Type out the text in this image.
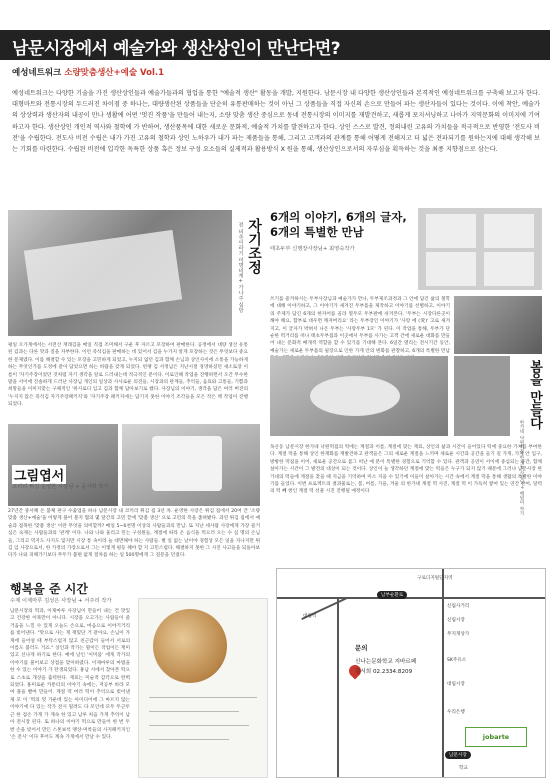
남문시장에서 예술가와 생산상인이 만난다면?
예성네트워크 소량맞춤생산+예술 Vol.1
예성네트워크는 다양한 기술을 가진 생산상인들과 예술가들과의 협업을 통한 "예술적 생산" 활동을 개발, 지원한다. 남문시장 내 다양한 생산상인들과 본격적인 예성네트워크를 구축해 보고자 한다. 대형마트와 전통시장의 두드러진 차이점 중 하나는, 대량생산된 상품들을 단순히 유통판매하는 것이 아닌 그 상품들을 직접 자신의 손으로 만들어 파는 생산자들이 있다는 것이다. 이에 착안, 예술가의 상상력과 생산자의 내공이 만나 생활에 어떤 '멋진 작품'을 만들어 내는지, 소량 맞춤 생산 중심으로 동네 전통시장의 이미지를 재발견하고, 새롭게 포지셔닝하고 나아가 지역문화의 이미지에 기여하고자 한다. 생산상인 개인적 역사와 철학에 가 반하여, 생산품목에 대한 새로운 문화적, 예술적 가치를 발견하고자 한다. 상인 스스로 발견, 정의내린 고유의 가치들을 적극적으로 반영한 '전도사 비전'을 수립한다. 전도사 비전 수립은 내가 가진 고유의 철학과 상인 노하우가 내가 파는 제품들을 통해, 그리고 고객과의 관계를 통해 어떻게 전해지고 더 넓은 전파되기를 원하는지에 대해 생각해 보는 기회를 마련한다. 수립된 비전에 입각한 독특한 상품 혹은 정보 구성 요소들의 실제적과 활용방식 X 원을 통해, 생산상인으로서의 자부심을 획득하는 것을 최종 지향점으로 삼는다.
자기조정
전 비추이라기 미명비게+ 가나주 심방
평일 오가게에서는 서전산 재래김을 매일 직접 조미해서 구운 후 자르고 포장하여 판매한다. 공정에서 대량 생산 유통된 김과는 다른 맛과 질을 자부한다. 이런 즉석김을 판매하는 데 있어서 김을 누가지 알게 포장하는 것은 무엇보다 중요한 문제였다. 이를 해결할 수 있는 포장을 고민하게 되었고, 누지되 없던 김과 함께 손님과 상인사이에 소통을 가능하게하는 무엇인가를 도정에 같이 담았으면 하는 바람을 갖게 되었다. 빈랭 김 서정남은 지난시절 경영하셨던 새소토장 이름이 '자기주장이었던 것처럼 자기 생각을 알로 드러내는데 적극적인 분이다. 이로인해 작업을 진행하면서 오간 무수한 말을 서이에 진솔하게 드러난 사장님 개인의 일상과 사사로운 의견들, 시장과의 관계들, 추억들, 음료와 고통들, 기쁨과 희망들을 이미지맞는 구체적인 '위시로디 입고 김과 함께 담아보기로 했다. 사장님의 이야기, 생각을 담은 여러 버전의 '누지지 않은 즉석김 자기주장패키지'와 '자기주장 패키지에는 담기지 못한 이야기 조각들을 모은 작은 책 작업이 진행되었다.
그림엽서
코끼리 튀김 운영한 사장님 + 중서희 작가
27년간 중서해 온 불체 판구 수출업을 하나 남문시장 내 코끼리 튀김 집 3년 차. 운영한 사장은 튀김 집에서 20여 간 '소량 맞춤 생산+예술'을 어떻게 풀어 볼지 협의 몇 달간의 고민 끝에 '맞춤 생산' 으로 고민의 폭을 좁혀봤다. 과연 튀김 집에서 예술과 접목한 '맞춤 생산' 이란 무엇을 의미할까? 매일 5~6천명 이상의 사람들과의 만남. 또 지난 세사람 사장에게 가장 즐거 심은 숙제는 사람들과의 '관계' 이다. 나와 나와 울리고 민는 구성원들, 계절에 따라 온 음식을 먹으러 오는 수 십 명의 손님들, 그리고 먹지도 사지도 않지만 시장 통 속이라 늘 대면해야 하는 사람들. 별 일 없는 날이야 경험상 모든 일을 지나지만 튀김 입 사장으로서, 한 가정의 가장으로서 그는 이렇게 평등 해야 할 지 고민스럽다. 해결하지 못한 그 사진 사고들을 되돌아보다가 나와 피해가기보다 무두가 불편 없게 절차를 하는 일 500명에게 그 질문을 던졌다.
6개의 이야기, 6개의 글자,
6개의 특별한 만남
태초두부 신행장사장님+ 최영숙작가
쓰기를 즐겨하시는 두부사장님과 예술가가 만나, 두부제조과정과 그 안에 담긴 삶의 철학에 대해 이야기하고, 그 이야기가 새겨진 두부틀을 제작하고 이야기를 선별하고, 이야기의 주제가 담긴 6개의 한자어를 골라 열두모 두부판에 쉬겨본다. '두부는 시장다른곳이 해야 해요, 함부로 대우면 깨져버리요' 라는 두부장인 이야기가 '사랑 에 (愛)' 고로 새겨지고, 이 글자가 박혀서 나온 두부는 '사랑두부 1모' 가 된다. 이 작업을 통해, 두부가 단순한 먹거리를 떠나 태초두부집과 이곳에서 두부를 사가는 고객 간에 새로운 대화를 만들어 내는 문화적 매개적 역할을 할 수 있기를 기대해 본다. 6일간 열리는 전시기간 동안, 예술가는 새로운 두부틀의 필장으로 인한 가게 안의 변화를 관찰하고, 6개의 특별한 만남
봄을 만들다
한가네 낙원떡집 한재동 사장님 + 배원미 작가
독산동 남문시장 한가네 낙원떡집의 떡에는 계절과 이름, 계절에 맞는 재료, 상인의 삶과 시간이 들어있다 떡에 중요한 가치를 부여한다. 계절 떡을 통해 상인 한재화를 재발견하고 관객들은 그의 새로운 계절을 느끼며 새로운 시간과 공간을 들기 길 가게, 가게 안 입구, 방방한 떡집을 이어, 새로운 공간으로 몸그 떠난 예 분이 특별한 경험으로 기억할 수 있다. 관객과 공연이 서이에 중심되는 공간, 함께 살아가는 시간이 그 발견의 대상이 되는 것이다. 상인이 늘 생각하던 계절에 맞는 떡들은 누구가 되지 않기 때문에 그러나 남문시장 한가네의 떡들에 계절을 찾을 때 지금을 기억하여 미소 지을 수 있기에 이들이 살아가는 시간 속에서 계절 떡을 통해 생활의 특별한 이야기를 들었다. 이번 프로젝트의 결과물로는, 봄, 여름, 가을, 겨울 의 한가네 계절 떡 사진, 계절 떡 이 가득히 쌓여 있는 연간 잔여, 달력의 떡 빼 쌍인 계절 떡 선물 시진 진행될 예정이다
행복을 준 시간
수제 이제마루 김성은 사장님 + 서주리 작가
남문시장의 떡과, 이제마루 사장님이 만들어 내는 건 맛있고 건강한 어묵만이 아니다. 시장을 오고가는 사람들이 즐거움을 느낄 수 있게 오늘도 손으로, 마음으로 이야기거리를 빚어낸다. "맛으로 사는 게 재밌단 거 같아요, 손님이 가게에 들어설 때 부탁스럽지 않고 친근감이 들어서 서로의 이름도 불러도 거죠." 상인과 작가는 말이든 작업이든 재미있고 신나게 하기로 한다. 예에 날인 '이미를' 에게 작가의 이야기를 물어보고 상점을 맞이하였다. 이제마루의 마법을 한 수 있는 이야기 가 탄생되었다. 홍남 시에서 찾아본 떡으로 스초로 개상을 출력한다. 재료는 미술적 감각으로 완벽 되었다. 홍미로운 카툰터의 이야기 속에는, 저공부 바라 모여 풀을 빨여 만들어. 계절 떡 여러 떡이 추억으로 빚어낸 제 모 이 '떡의 멋 가운데 있는 아이디어에 그 마르지 않는 이야기에 다 있는 작가 전시 밀려도 다 모인데 모두 두근두근 한 겸손 가게 가 계속 한 있고 남루 처음 가게 추억이 남아 전시장 된다. 또 하나의 이야기 떡으로 만들어 한 번 두 번 손을 빚어서 만든 스톤보석 맹상-머록들의 사지패키지인 '손 전시' 이다 후어도 계속 가게에서 만날 수 있다.
남부순환로
구로디지털단지역
신림사거리
신림시장
무지개상가
SK주유소
대림시장
우리은행
남문시장
대림역
학교
문의
신나는문화학교 지바르페
김서희 02.2334.8209
jobarte
